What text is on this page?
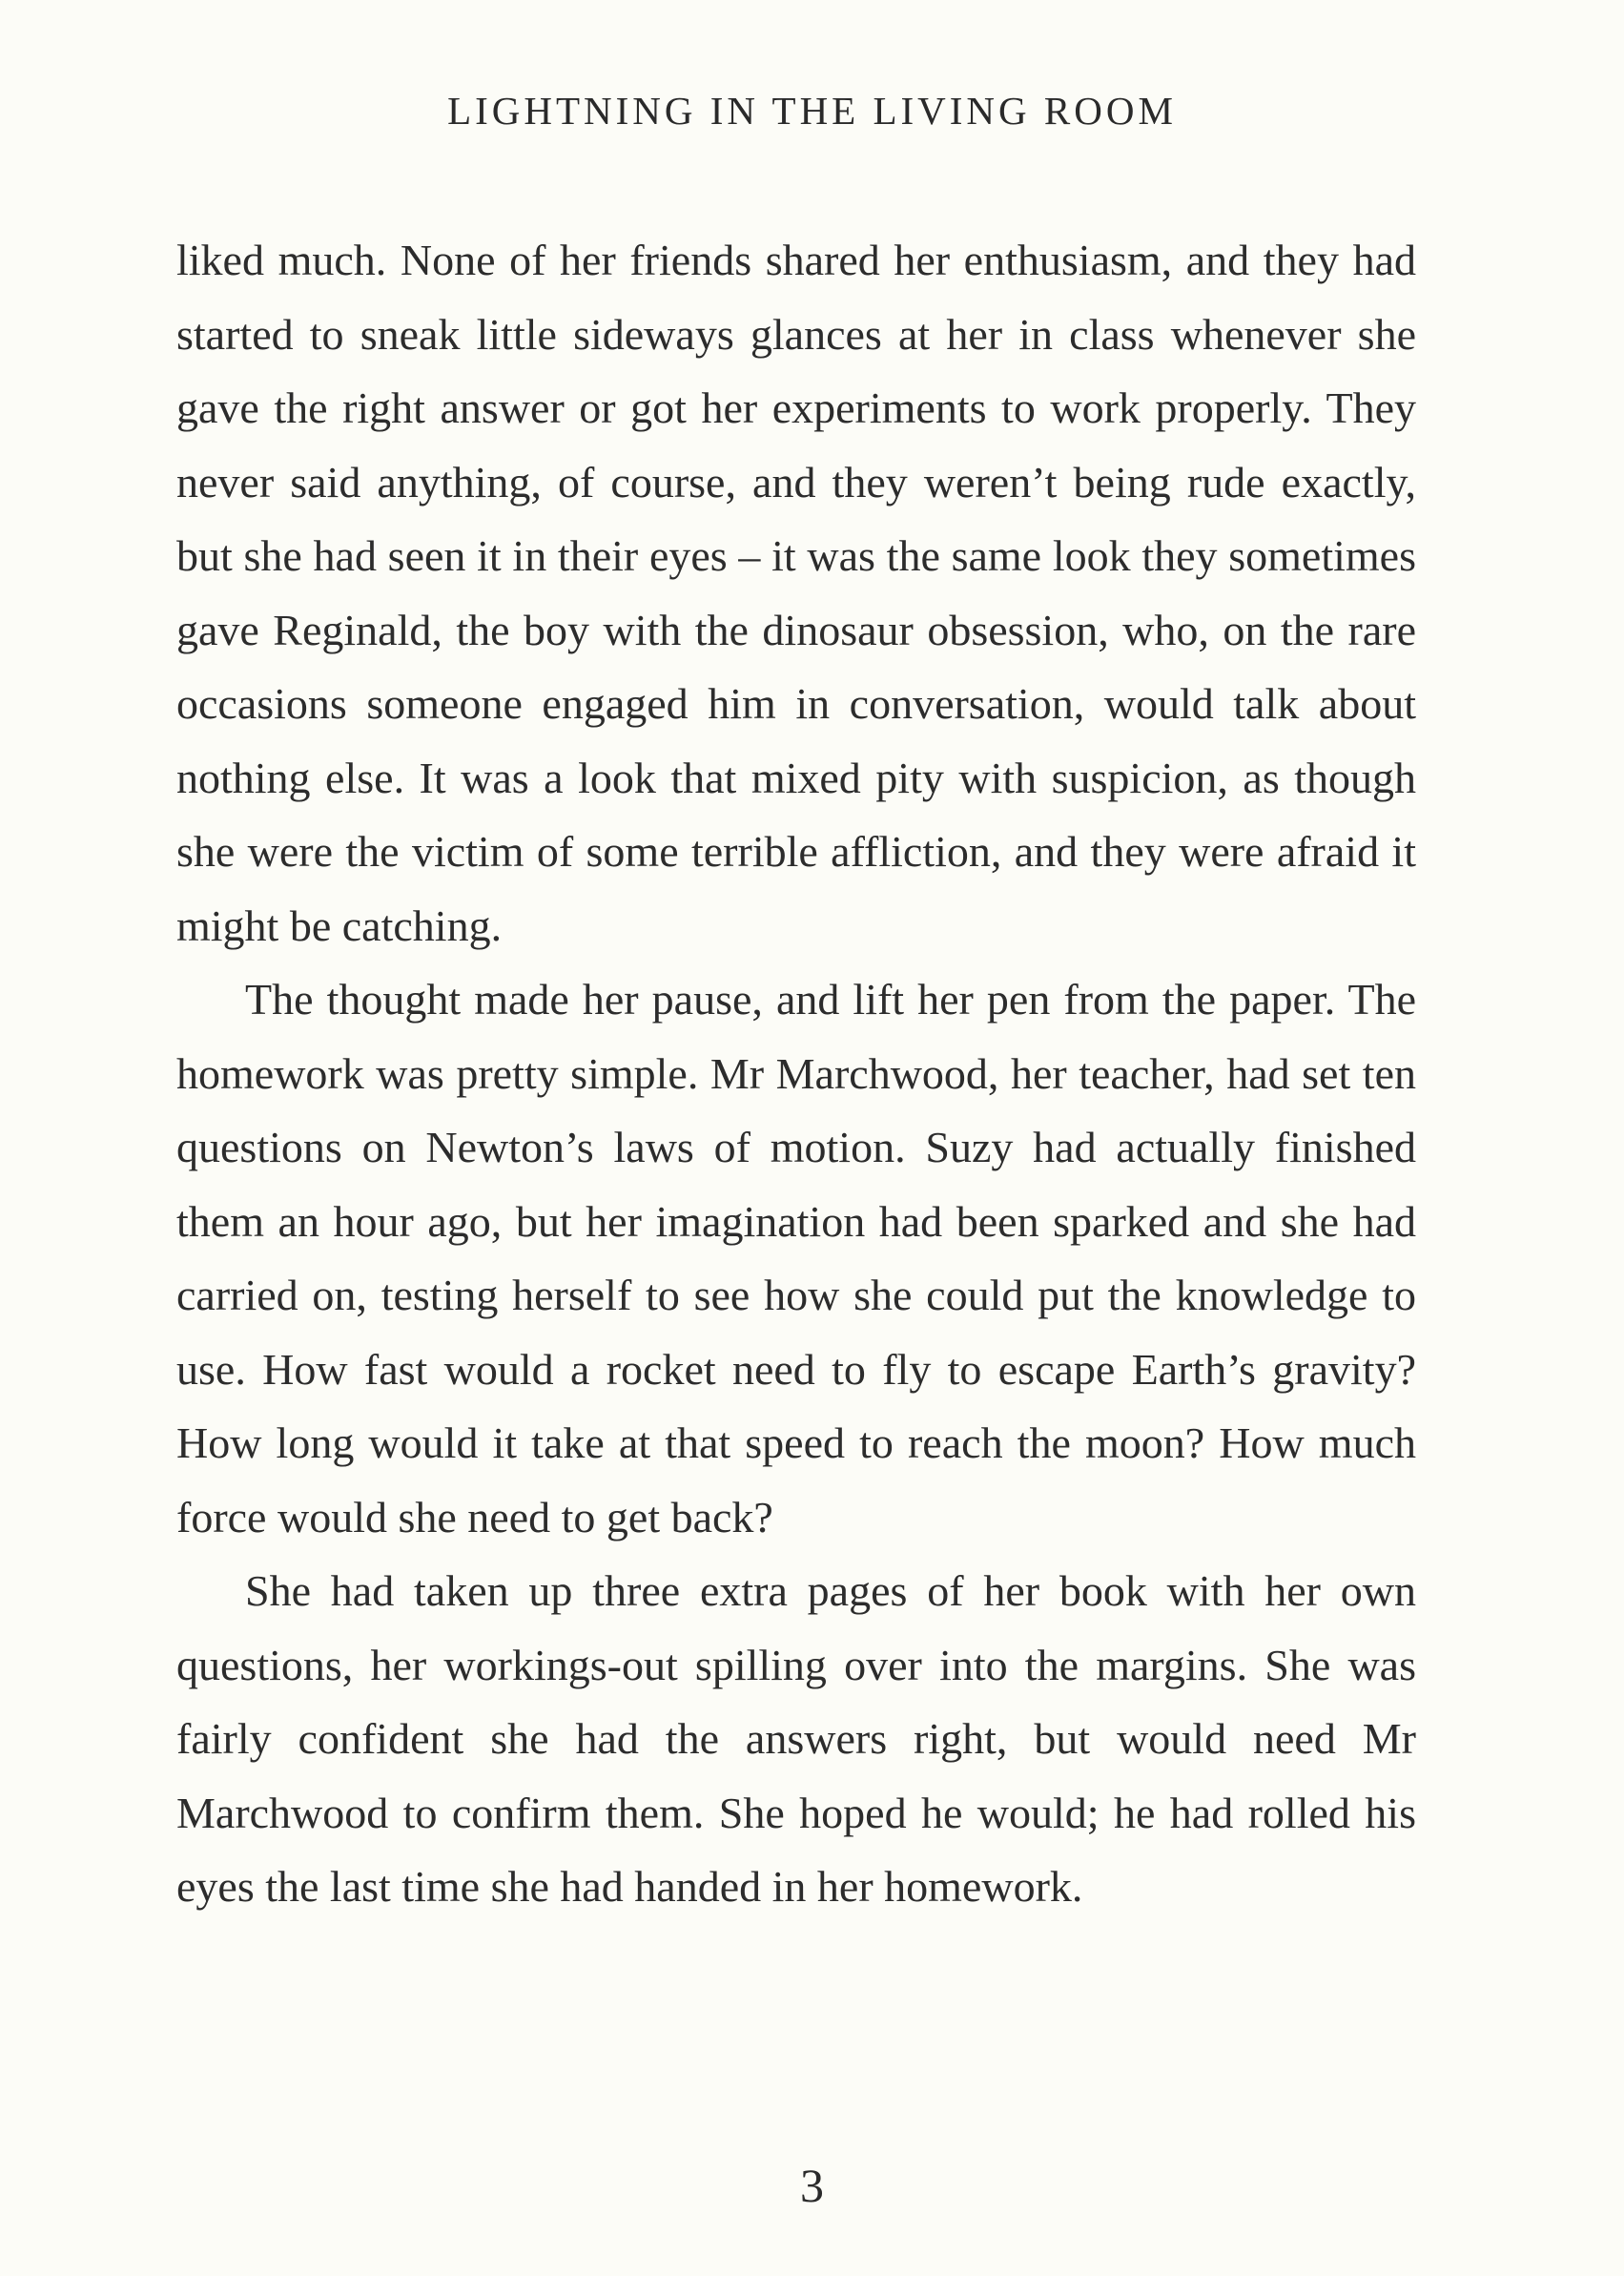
LIGHTNING IN THE LIVING ROOM

liked much. None of her friends shared her enthusiasm, and they had started to sneak little sideways glances at her in class whenever she gave the right answer or got her experiments to work properly. They never said anything, of course, and they weren’t being rude exactly, but she had seen it in their eyes – it was the same look they sometimes gave Reginald, the boy with the dinosaur obsession, who, on the rare occasions someone engaged him in conversation, would talk about nothing else. It was a look that mixed pity with suspicion, as though she were the victim of some terrible affliction, and they were afraid it might be catching.

The thought made her pause, and lift her pen from the paper. The homework was pretty simple. Mr Marchwood, her teacher, had set ten questions on Newton’s laws of motion. Suzy had actually finished them an hour ago, but her imagination had been sparked and she had carried on, testing herself to see how she could put the knowledge to use. How fast would a rocket need to fly to escape Earth’s gravity? How long would it take at that speed to reach the moon? How much force would she need to get back?

She had taken up three extra pages of her book with her own questions, her workings-out spilling over into the margins. She was fairly confident she had the answers right, but would need Mr Marchwood to confirm them. She hoped he would; he had rolled his eyes the last time she had handed in her homework.

3
